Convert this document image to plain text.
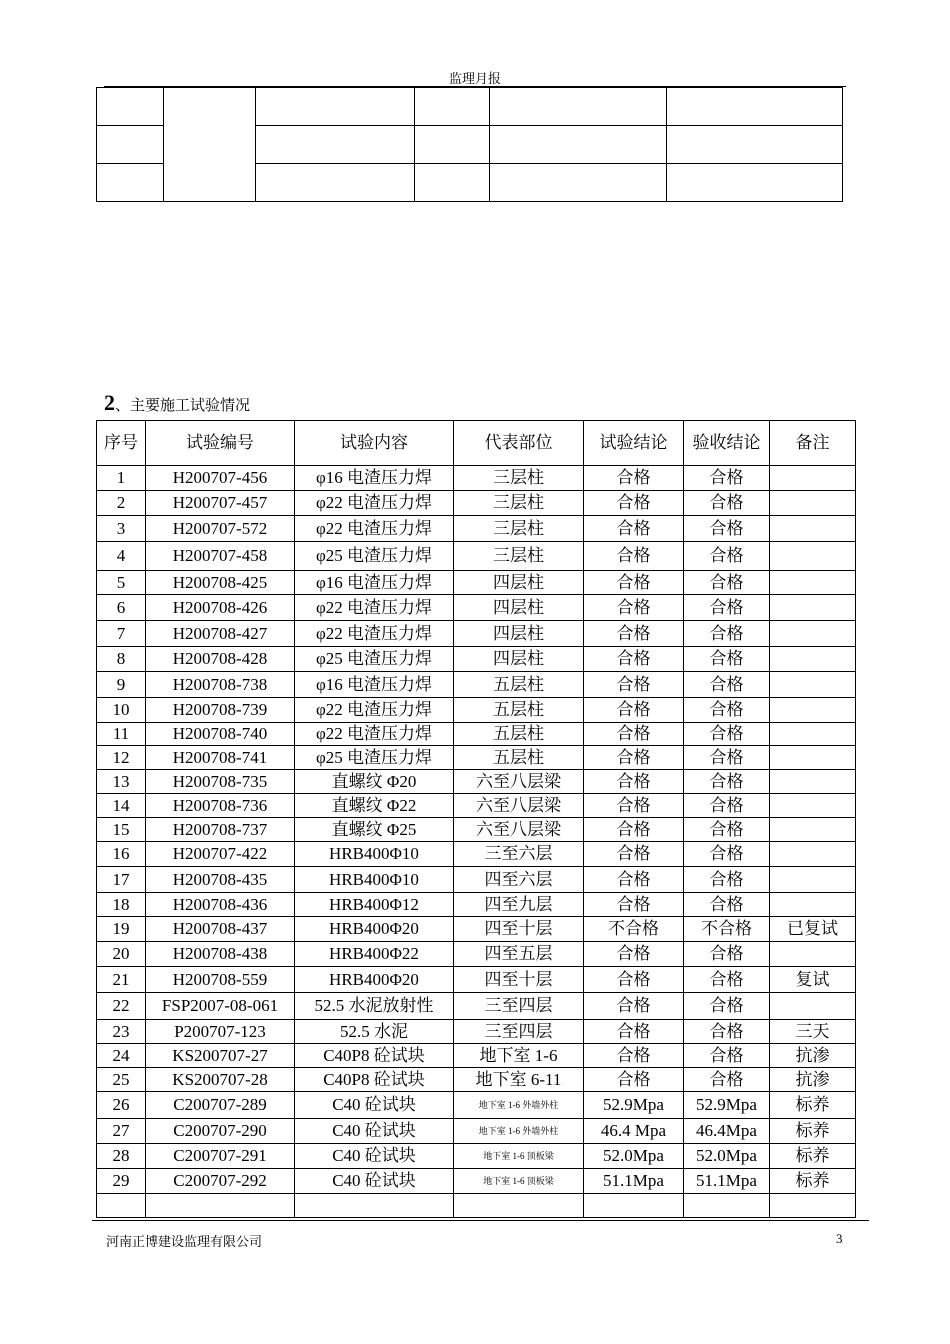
监理月报

2、主要施工试验情况
序号	试验编号	试验内容	代表部位	试验结论	验收结论	备注
1	H200707-456	φ16 电渣压力焊	三层柱	合格	合格	
2	H200707-457	φ22 电渣压力焊	三层柱	合格	合格	
3	H200707-572	φ22 电渣压力焊	三层柱	合格	合格	
4	H200707-458	φ25 电渣压力焊	三层柱	合格	合格	
5	H200708-425	φ16 电渣压力焊	四层柱	合格	合格	
6	H200708-426	φ22 电渣压力焊	四层柱	合格	合格	
7	H200708-427	φ22 电渣压力焊	四层柱	合格	合格	
8	H200708-428	φ25 电渣压力焊	四层柱	合格	合格	
9	H200708-738	φ16 电渣压力焊	五层柱	合格	合格	
10	H200708-739	φ22 电渣压力焊	五层柱	合格	合格	
11	H200708-740	φ22 电渣压力焊	五层柱	合格	合格	
12	H200708-741	φ25 电渣压力焊	五层柱	合格	合格	
13	H200708-735	直螺纹 Φ20	六至八层梁	合格	合格	
14	H200708-736	直螺纹 Φ22	六至八层梁	合格	合格	
15	H200708-737	直螺纹 Φ25	六至八层梁	合格	合格	
16	H200707-422	HRB400Φ10	三至六层	合格	合格	
17	H200708-435	HRB400Φ10	四至六层	合格	合格	
18	H200708-436	HRB400Φ12	四至九层	合格	合格	
19	H200708-437	HRB400Φ20	四至十层	不合格	不合格	已复试
20	H200708-438	HRB400Φ22	四至五层	合格	合格	
21	H200708-559	HRB400Φ20	四至十层	合格	合格	复试
22	FSP2007-08-061	52.5 水泥放射性	三至四层	合格	合格	
23	P200707-123	52.5 水泥	三至四层	合格	合格	三天
24	KS200707-27	C40P8 砼试块	地下室 1-6	合格	合格	抗渗
25	KS200707-28	C40P8 砼试块	地下室 6-11	合格	合格	抗渗
26	C200707-289	C40 砼试块	地下室 1-6 外墙外柱	52.9Mpa	52.9Mpa	标养
27	C200707-290	C40 砼试块	地下室 1-6 外墙外柱	46.4 Mpa	46.4Mpa	标养
28	C200707-291	C40 砼试块	地下室 1-6 顶板梁	52.0Mpa	52.0Mpa	标养
29	C200707-292	C40 砼试块	地下室 1-6 顶板梁	51.1Mpa	51.1Mpa	标养

河南正博建设监理有限公司	3
